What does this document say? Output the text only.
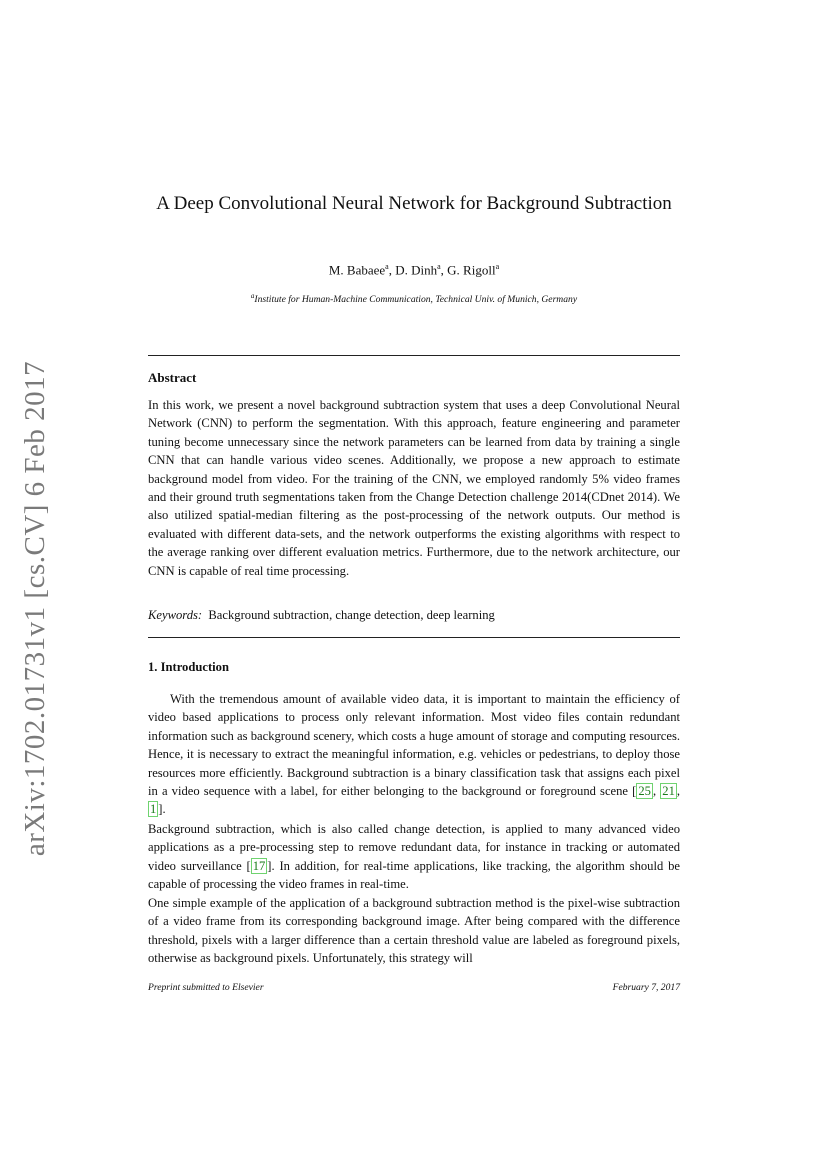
arXiv:1702.01731v1 [cs.CV] 6 Feb 2017
A Deep Convolutional Neural Network for Background Subtraction
M. Babaee$^a$, D. Dinh$^a$, G. Rigoll$^a$
$^a$Institute for Human-Machine Communication, Technical Univ. of Munich, Germany
Abstract

In this work, we present a novel background subtraction system that uses a deep Convolutional Neural Network (CNN) to perform the segmentation. With this approach, feature engineering and parameter tuning become unnecessary since the network parameters can be learned from data by training a single CNN that can handle various video scenes. Additionally, we propose a new approach to estimate background model from video. For the training of the CNN, we employed randomly 5% video frames and their ground truth segmentations taken from the Change Detection challenge 2014(CDnet 2014). We also utilized spatial-median filtering as the post-processing of the network outputs. Our method is evaluated with different data-sets, and the network outperforms the existing algorithms with respect to the average ranking over different evaluation metrics. Furthermore, due to the network architecture, our CNN is capable of real time processing.

Keywords: Background subtraction, change detection, deep learning
1. Introduction

With the tremendous amount of available video data, it is important to maintain the efficiency of video based applications to process only relevant information. Most video files contain redundant information such as background scenery, which costs a huge amount of storage and computing resources. Hence, it is necessary to extract the meaningful information, e.g. vehicles or pedestrians, to deploy those resources more efficiently. Background subtraction is a binary classification task that assigns each pixel in a video sequence with a label, for either belonging to the background or foreground scene [ 25 , 21 , 1 ].

Background subtraction, which is also called change detection, is applied to many advanced video applications as a pre-processing step to remove redundant data, for instance in tracking or automated video surveillance [ 17 ]. In addition, for real-time applications, like tracking, the algorithm should be capable of processing the video frames in real-time.

One simple example of the application of a background subtraction method is the pixel-wise subtraction of a video frame from its corresponding background image. After being compared with the difference threshold, pixels with a larger difference than a certain threshold value are labeled as foreground pixels, otherwise as background pixels. Unfortunately, this strategy will

Preprint submitted to Elsevier	February 7, 2017
